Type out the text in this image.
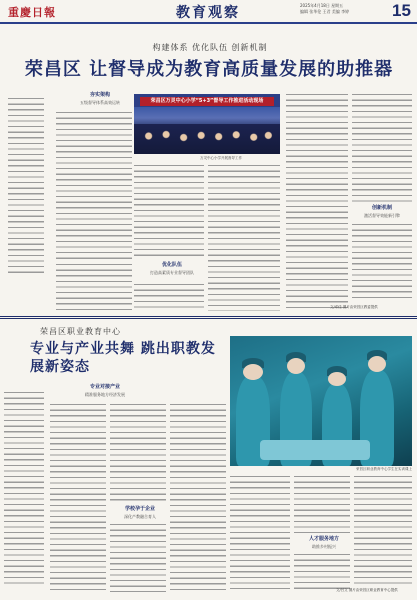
重慶日報	教育观察	2025年4月18日 星期五
编辑 张华伦 王君 美编 李婷	15
构建体系 优化队伍 创新机制
荣昌区 让督导成为教育高质量发展的助推器
夯实架构
五级督导体系高效运转
优化队伍
打造高素质专业督导团队
荣昌区万灵中心小学“5+3”督导工作推进活动现场
万灵中心小学开展督导工作
创新机制
激活督导效能新引擎
文/邓佳 图片由荣昌区教委提供
荣昌区职业教育中心
专业与产业共舞 跳出职教发展新姿态
专业对接产业
精准服务地方经济发展
学校孕于企业
深化产教融合育人
荣昌区职业教育中心学生在实训课上
人才服务地方
助推乡村振兴
文/吕文 图片由荣昌区职业教育中心提供
